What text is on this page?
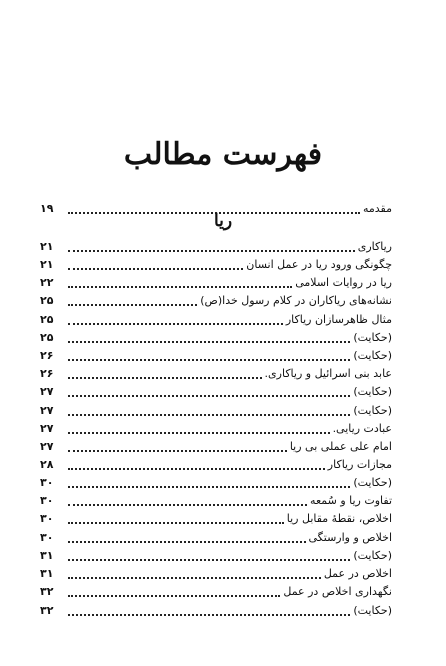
فهرست مطالب
مقدمه
۱۹
ریاکاری
۲۱
چگونگی ورود ریا در عمل انسان
۲۱
ریا در روایات اسلامی
۲۲
نشانه‌های ریاکاران در کلام رسول خدا(ص)
۲۵
مثال ظاهرسازان ریاکار
۲۵
(حکایت)
۲۵
(حکایت)
۲۶
عابد بنی اسرائیل و ریاکاری.
۲۶
(حکایت)
۲۷
(حکایت)
۲۷
عبادت ریایی.
۲۷
امام علی عملی بی ریا
۲۷
مجازات ریاکار
۲۸
(حکایت)
۳۰
تفاوت ریا و سُمعه
۳۰
اخلاص، نقطهٔ مقابل ریا
۳۰
اخلاص و وارستگی
۳۰
(حکایت)
۳۱
اخلاص در عمل
۳۱
نگهداری اخلاص در عمل
۳۲
(حکایت)
۳۲
ریا
